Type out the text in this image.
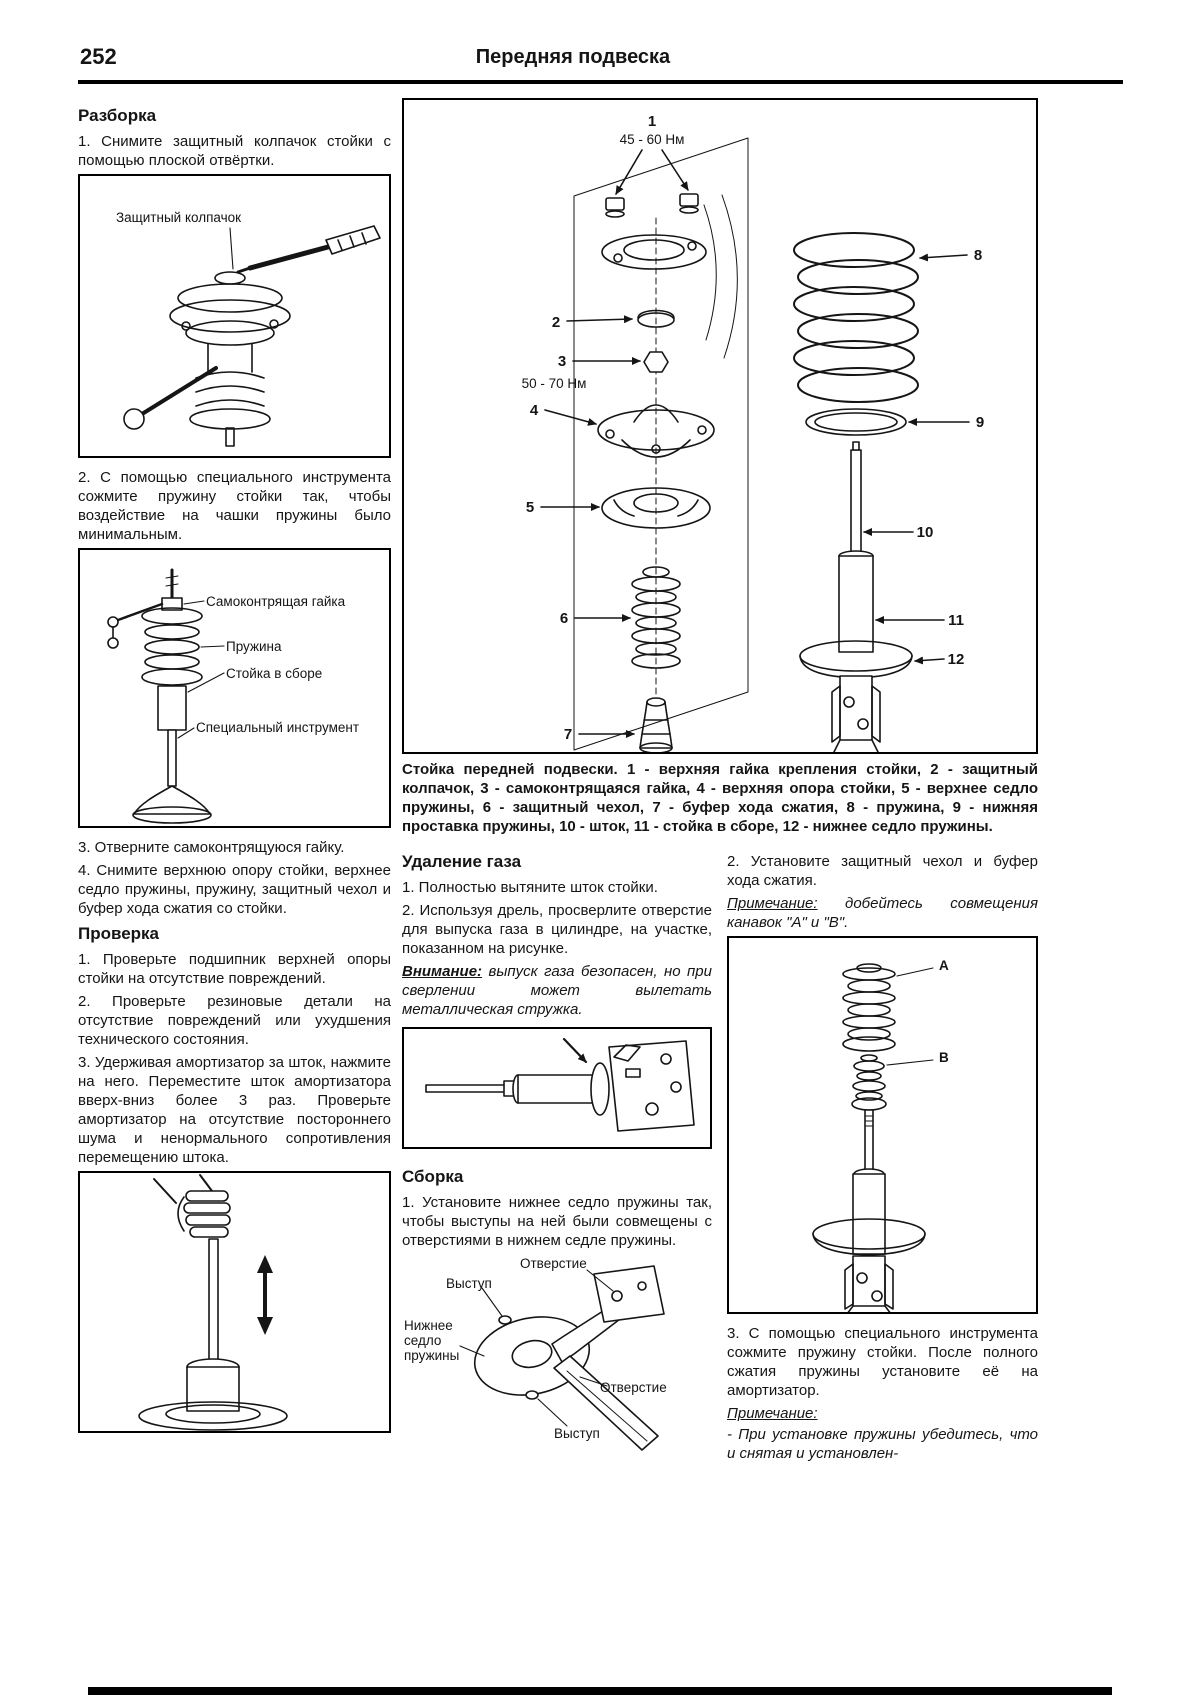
252	Передняя подвеска
Разборка

1. Снимите защитный колпачок стойки с помощью плоской отвёртки.

Защитный колпачок

2. С помощью специального инструмента сожмите пружину стойки так, чтобы воздействие на чашки пружины было минимальным.

Самоконтрящая гайка
Пружина
Стойка в сборе
Специальный инструмент

3. Отверните самоконтрящуюся гайку.

4. Снимите верхнюю опору стойки, верхнее седло пружины, пружину, защитный чехол и буфер хода сжатия со стойки.

Проверка

1. Проверьте подшипник верхней опоры стойки на отсутствие повреждений.

2. Проверьте резиновые детали на отсутствие повреждений или ухудшения технического состояния.

3. Удерживая амортизатор за шток, нажмите на него. Переместите шток амортизатора вверх-вниз более 3 раз. Проверьте амортизатор на отсутствие постороннего шума и ненормального сопротивления перемещению штока.

1
45 - 60 Нм
2
3
50 - 70 Нм
4
5
6
7
8
9
10
11
12
Стойка передней подвески. 1 - верхняя гайка крепления стойки, 2 - защитный колпачок, 3 - самоконтрящаяся гайка, 4 - верхняя опора стойки, 5 - верхнее седло пружины, 6 - защитный чехол, 7 - буфер хода сжатия, 8 - пружина, 9 - нижняя проставка пружины, 10 - шток, 11 - стойка в сборе, 12 - нижнее седло пружины.
Удаление газа

1. Полностью вытяните шток стойки.

2. Используя дрель, просверлите отверстие для выпуска газа в цилиндре, на участке, показанном на рисунке.

Внимание: выпуск газа безопасен, но при сверлении может вылетать металлическая стружка.

Сборка

1. Установите нижнее седло пружины так, чтобы выступы на ней были совмещены с отверстиями в нижнем седле пружины.

Отверстие
Выступ
Нижнее седло пружины
Отверстие
Выступ

2. Установите защитный чехол и буфер хода сжатия.

Примечание: добейтесь совмещения канавок "А" и "В".

А
В

3. С помощью специального инструмента сожмите пружину стойки. После полного сжатия пружины установите её на амортизатор.

Примечание:

- При установке пружины убедитесь, что и снятая и установлен-
